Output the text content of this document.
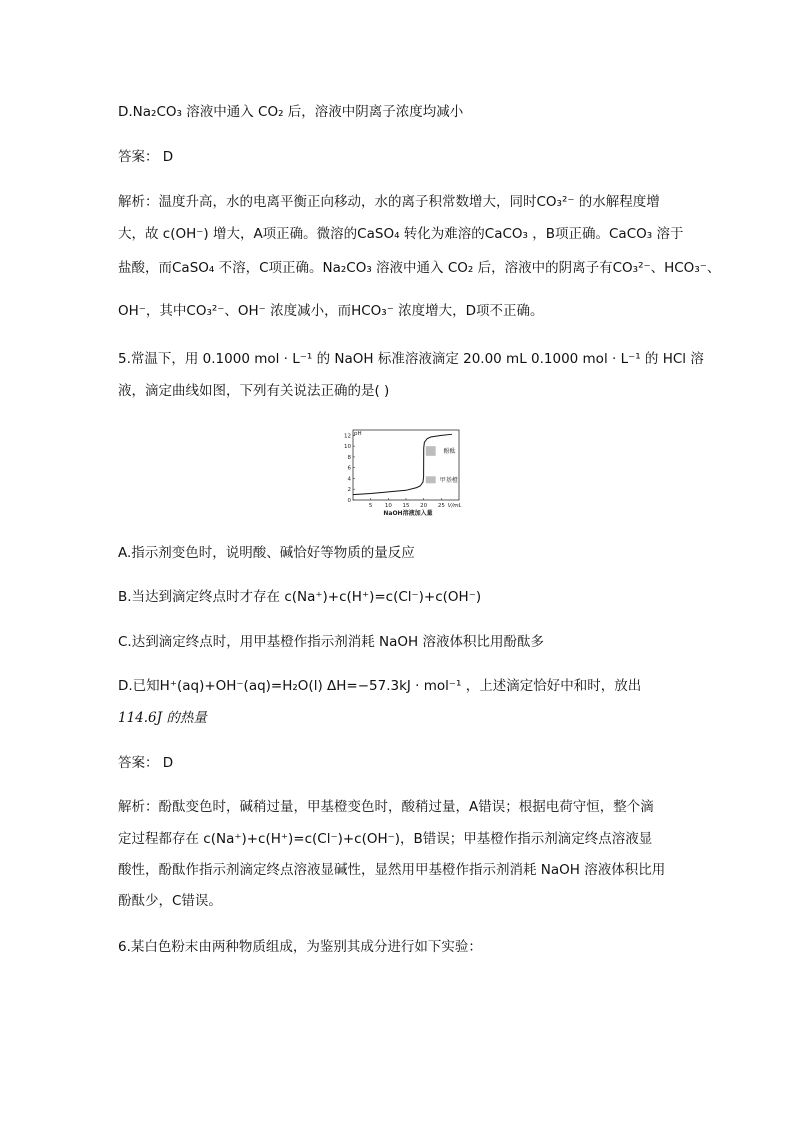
D.Na₂CO₃ 溶液中通入 CO₂ 后，溶液中阴离子浓度均减小
答案： D
解析：温度升高，水的电离平衡正向移动，水的离子积常数增大，同时CO₃²⁻ 的水解程度增
大，故 c(OH⁻) 增大，A项正确。微溶的CaSO₄ 转化为难溶的CaCO₃ ，B项正确。CaCO₃ 溶于
盐酸，而CaSO₄ 不溶，C项正确。Na₂CO₃ 溶液中通入 CO₂ 后，溶液中的阴离子有CO₃²⁻、HCO₃⁻、
OH⁻，其中CO₃²⁻、OH⁻ 浓度减小，而HCO₃⁻ 浓度增大，D项不正确。
5.常温下，用 0.1000 mol · L⁻¹ 的 NaOH 标准溶液滴定 20.00 mL 0.1000 mol · L⁻¹ 的 HCl 溶
液，滴定曲线如图，下列有关说法正确的是( )
0
2
4
6
8
10
12
5 10 15 20 25
酚酞
甲基橙
pH
V/mL
NaOH溶液加入量
A.指示剂变色时，说明酸、碱恰好等物质的量反应
B.当达到滴定终点时才存在 c(Na⁺)+c(H⁺)=c(Cl⁻)+c(OH⁻)
C.达到滴定终点时，用甲基橙作指示剂消耗 NaOH 溶液体积比用酚酞多
D.已知H⁺(aq)+OH⁻(aq)=H₂O(l) ΔH=−57.3kJ · mol⁻¹ ，上述滴定恰好中和时，放出
114.6J 的热量
答案： D
解析：酚酞变色时，碱稍过量，甲基橙变色时，酸稍过量，A错误；根据电荷守恒，整个滴
定过程都存在 c(Na⁺)+c(H⁺)=c(Cl⁻)+c(OH⁻)，B错误；甲基橙作指示剂滴定终点溶液显
酸性，酚酞作指示剂滴定终点溶液显碱性，显然用甲基橙作指示剂消耗 NaOH 溶液体积比用
酚酞少，C错误。
6.某白色粉末由两种物质组成，为鉴别其成分进行如下实验：
